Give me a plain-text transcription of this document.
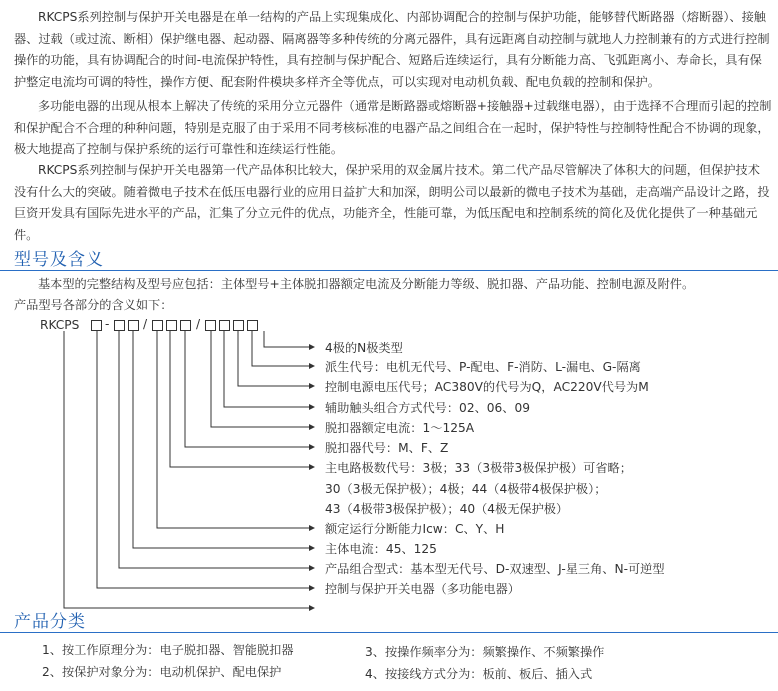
RKCPS系列控制与保护开关电器是在单一结构的产品上实现集成化、内部协调配合的控制与保护功能，能够替代断路器（熔断器）、接触器、过载（或过流、断相）保护继电器、起动器、隔离器等多种传统的分离元器件，具有远距离自动控制与就地人力控制兼有的方式进行控制操作的功能，具有协调配合的时间-电流保护特性，具有控制与保护配合、短路后连续运行，具有分断能力高、飞弧距离小、寿命长，具有保护整定电流均可调的特性，操作方便、配套附件模块多样齐全等优点，可以实现对电动机负载、配电负载的控制和保护。

多功能电器的出现从根本上解决了传统的采用分立元器件（通常是断路器或熔断器+接触器+过载继电器），由于选择不合理而引起的控制和保护配合不合理的种种问题，特别是克服了由于采用不同考核标准的电器产品之间组合在一起时，保护特性与控制特性配合不协调的现象，极大地提高了控制与保护系统的运行可靠性和连续运行性能。

RKCPS系列控制与保护开关电器第一代产品体积比较大，保护采用的双金属片技术。第二代产品尽管解决了体积大的问题，但保护技术没有什么大的突破。随着微电子技术在低压电器行业的应用日益扩大和加深，朗明公司以最新的微电子技术为基础，走高端产品设计之路，投巨资开发具有国际先进水平的产品，汇集了分立元件的优点，功能齐全，性能可靠，为低压配电和控制系统的简化及优化提供了一种基础元件。

型号及含义
基本型的完整结构及型号应包括：主体型号+主体脱扣器额定电流及分断能力等级、脱扣器、产品功能、控制电源及附件。
产品型号各部分的含义如下：
RKCPS -	/	/
4极的N极类型
派生代号：电机无代号、P-配电、F-消防、L-漏电、G-隔离
控制电源电压代号；AC380V的代号为Q，AC220V代号为M
辅助触头组合方式代号：02、06、09
脱扣器额定电流：1～125A
脱扣器代号：M、F、Z
主电路极数代号：3极；33（3极带3极保护极）可省略；
30（3极无保护极）；4极；44（4极带4极保护极）；
43（4极带3极保护极）；40（4极无保护极）
额定运行分断能力Icw：C、Y、H
主体电流：45、125
产品组合型式：基本型无代号、D-双速型、J-星三角、N-可逆型
控制与保护开关电器（多功能电器）
产品分类
1、按工作原理分为：电子脱扣器、智能脱扣器
2、按保护对象分为：电动机保护、配电保护
3、按操作频率分为：频繁操作、不频繁操作
4、按接线方式分为：板前、板后、插入式
